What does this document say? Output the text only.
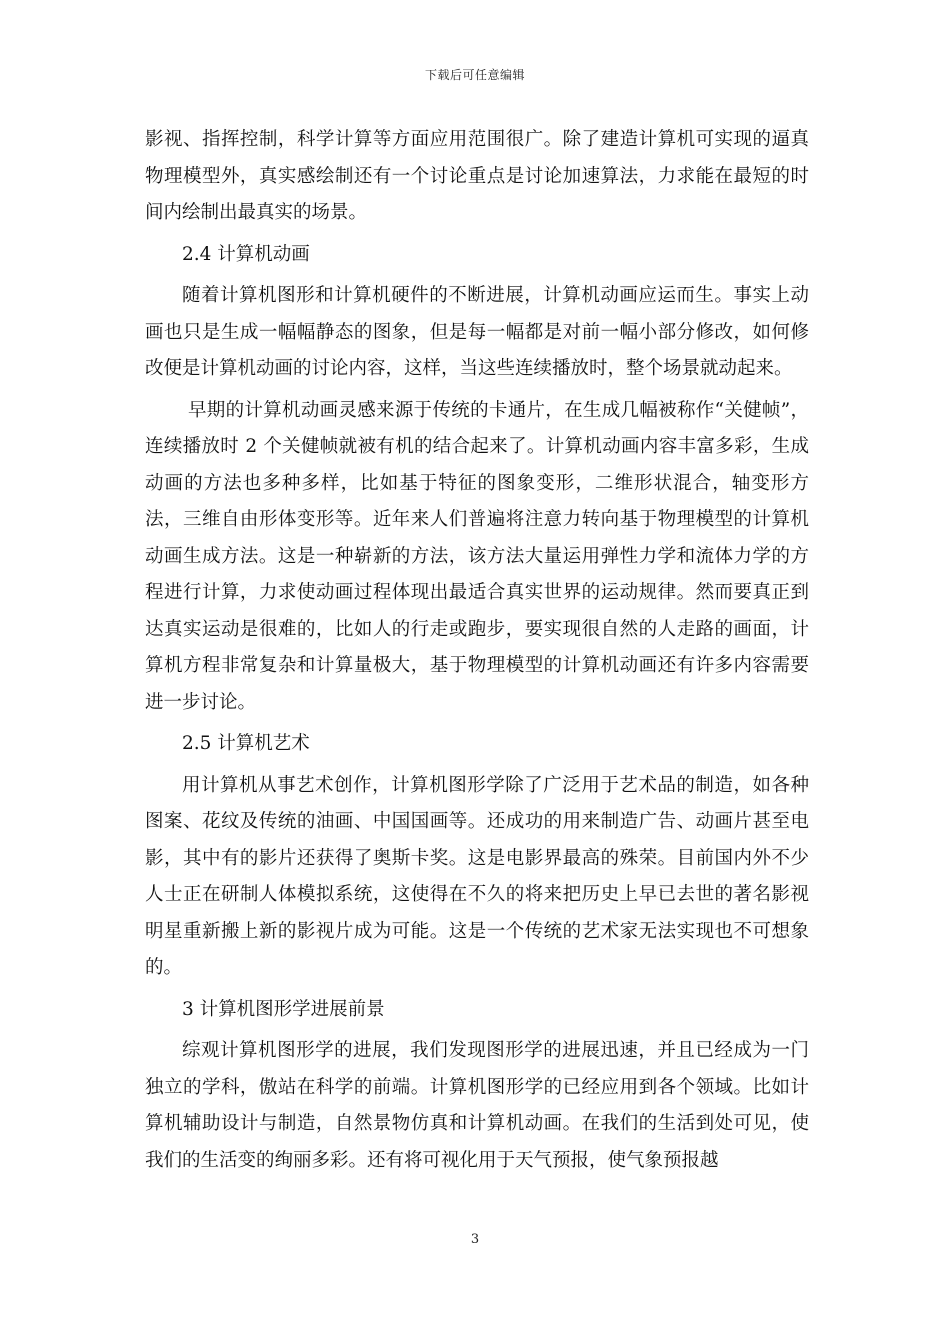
下载后可任意编辑

影视、指挥控制，科学计算等方面应用范围很广。除了建造计算机可实现的逼真物理模型外，真实感绘制还有一个讨论重点是讨论加速算法，力求能在最短的时间内绘制出最真实的场景。

2.4 计算机动画

随着计算机图形和计算机硬件的不断进展，计算机动画应运而生。事实上动画也只是生成一幅幅静态的图象，但是每一幅都是对前一幅小部分修改，如何修改便是计算机动画的讨论内容，这样，当这些连续播放时，整个场景就动起来。

早期的计算机动画灵感来源于传统的卡通片，在生成几幅被称作“关健帧”，连续播放时 2 个关健帧就被有机的结合起来了。计算机动画内容丰富多彩，生成动画的方法也多种多样，比如基于特征的图象变形，二维形状混合，轴变形方法，三维自由形体变形等。近年来人们普遍将注意力转向基于物理模型的计算机动画生成方法。这是一种崭新的方法，该方法大量运用弹性力学和流体力学的方程进行计算，力求使动画过程体现出最适合真实世界的运动规律。然而要真正到达真实运动是很难的，比如人的行走或跑步，要实现很自然的人走路的画面，计算机方程非常复杂和计算量极大，基于物理模型的计算机动画还有许多内容需要进一步讨论。

2.5 计算机艺术

用计算机从事艺术创作，计算机图形学除了广泛用于艺术品的制造，如各种图案、花纹及传统的油画、中国国画等。还成功的用来制造广告、动画片甚至电影，其中有的影片还获得了奥斯卡奖。这是电影界最高的殊荣。目前国内外不少人士正在研制人体模拟系统，这使得在不久的将来把历史上早已去世的著名影视明星重新搬上新的影视片成为可能。这是一个传统的艺术家无法实现也不可想象的。

3 计算机图形学进展前景

综观计算机图形学的进展，我们发现图形学的进展迅速，并且已经成为一门独立的学科，傲站在科学的前端。计算机图形学的已经应用到各个领域。比如计算机辅助设计与制造，自然景物仿真和计算机动画。在我们的生活到处可见，使我们的生活变的绚丽多彩。还有将可视化用于天气预报，使气象预报越

3
